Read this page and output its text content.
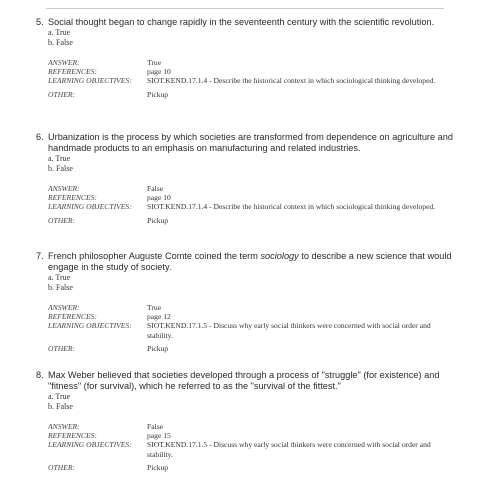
5. Social thought began to change rapidly in the seventeenth century with the scientific revolution.

a. True
b. False
ANSWER:	True
REFERENCES:	page 10
LEARNING OBJECTIVES:	SIOT.KEND.17.1.4 - Describe the historical context in which sociological thinking developed.
OTHER:	Pickup

6. Urbanization is the process by which societies are transformed from dependence on agriculture and handmade products to an emphasis on manufacturing and related industries.

a. True
b. False
ANSWER:	False
REFERENCES:	page 10
LEARNING OBJECTIVES:	SIOT.KEND.17.1.4 - Describe the historical context in which sociological thinking developed.
OTHER:	Pickup

7. French philosopher Auguste Comte coined the term sociology to describe a new science that would engage in the study of society.

a. True
b. False
ANSWER:	True
REFERENCES:	page 12
LEARNING OBJECTIVES:	SIOT.KEND.17.1.5 - Discuss why early social thinkers were concerned with social order and stability.
OTHER:	Pickup

8. Max Weber believed that societies developed through a process of "struggle" (for existence) and "fitness" (for survival), which he referred to as the "survival of the fittest."

a. True
b. False
ANSWER:	False
REFERENCES:	page 15
LEARNING OBJECTIVES:	SIOT.KEND.17.1.5 - Discuss why early social thinkers were concerned with social order and stability.
OTHER:	Pickup
